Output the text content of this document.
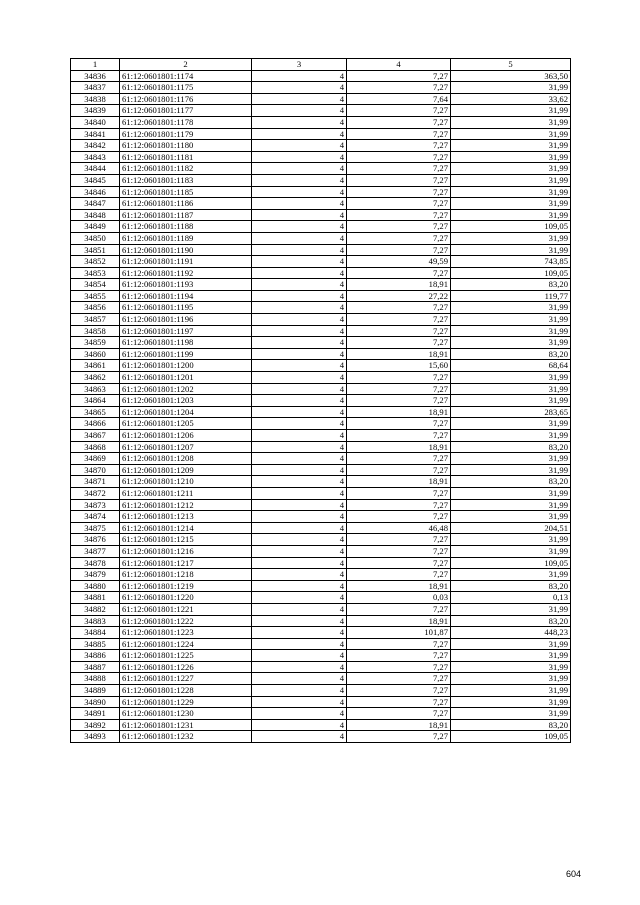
1	2	3	4	5
34836	61:12:0601801:1174	4	7,27	363,50
34837	61:12:0601801:1175	4	7,27	31,99
34838	61:12:0601801:1176	4	7,64	33,62
34839	61:12:0601801:1177	4	7,27	31,99
34840	61:12:0601801:1178	4	7,27	31,99
34841	61:12:0601801:1179	4	7,27	31,99
34842	61:12:0601801:1180	4	7,27	31,99
34843	61:12:0601801:1181	4	7,27	31,99
34844	61:12:0601801:1182	4	7,27	31,99
34845	61:12:0601801:1183	4	7,27	31,99
34846	61:12:0601801:1185	4	7,27	31,99
34847	61:12:0601801:1186	4	7,27	31,99
34848	61:12:0601801:1187	4	7,27	31,99
34849	61:12:0601801:1188	4	7,27	109,05
34850	61:12:0601801:1189	4	7,27	31,99
34851	61:12:0601801:1190	4	7,27	31,99
34852	61:12:0601801:1191	4	49,59	743,85
34853	61:12:0601801:1192	4	7,27	109,05
34854	61:12:0601801:1193	4	18,91	83,20
34855	61:12:0601801:1194	4	27,22	119,77
34856	61:12:0601801:1195	4	7,27	31,99
34857	61:12:0601801:1196	4	7,27	31,99
34858	61:12:0601801:1197	4	7,27	31,99
34859	61:12:0601801:1198	4	7,27	31,99
34860	61:12:0601801:1199	4	18,91	83,20
34861	61:12:0601801:1200	4	15,60	68,64
34862	61:12:0601801:1201	4	7,27	31,99
34863	61:12:0601801:1202	4	7,27	31,99
34864	61:12:0601801:1203	4	7,27	31,99
34865	61:12:0601801:1204	4	18,91	283,65
34866	61:12:0601801:1205	4	7,27	31,99
34867	61:12:0601801:1206	4	7,27	31,99
34868	61:12:0601801:1207	4	18,91	83,20
34869	61:12:0601801:1208	4	7,27	31,99
34870	61:12:0601801:1209	4	7,27	31,99
34871	61:12:0601801:1210	4	18,91	83,20
34872	61:12:0601801:1211	4	7,27	31,99
34873	61:12:0601801:1212	4	7,27	31,99
34874	61:12:0601801:1213	4	7,27	31,99
34875	61:12:0601801:1214	4	46,48	204,51
34876	61:12:0601801:1215	4	7,27	31,99
34877	61:12:0601801:1216	4	7,27	31,99
34878	61:12:0601801:1217	4	7,27	109,05
34879	61:12:0601801:1218	4	7,27	31,99
34880	61:12:0601801:1219	4	18,91	83,20
34881	61:12:0601801:1220	4	0,03	0,13
34882	61:12:0601801:1221	4	7,27	31,99
34883	61:12:0601801:1222	4	18,91	83,20
34884	61:12:0601801:1223	4	101,87	448,23
34885	61:12:0601801:1224	4	7,27	31,99
34886	61:12:0601801:1225	4	7,27	31,99
34887	61:12:0601801:1226	4	7,27	31,99
34888	61:12:0601801:1227	4	7,27	31,99
34889	61:12:0601801:1228	4	7,27	31,99
34890	61:12:0601801:1229	4	7,27	31,99
34891	61:12:0601801:1230	4	7,27	31,99
34892	61:12:0601801:1231	4	18,91	83,20
34893	61:12:0601801:1232	4	7,27	109,05
604
